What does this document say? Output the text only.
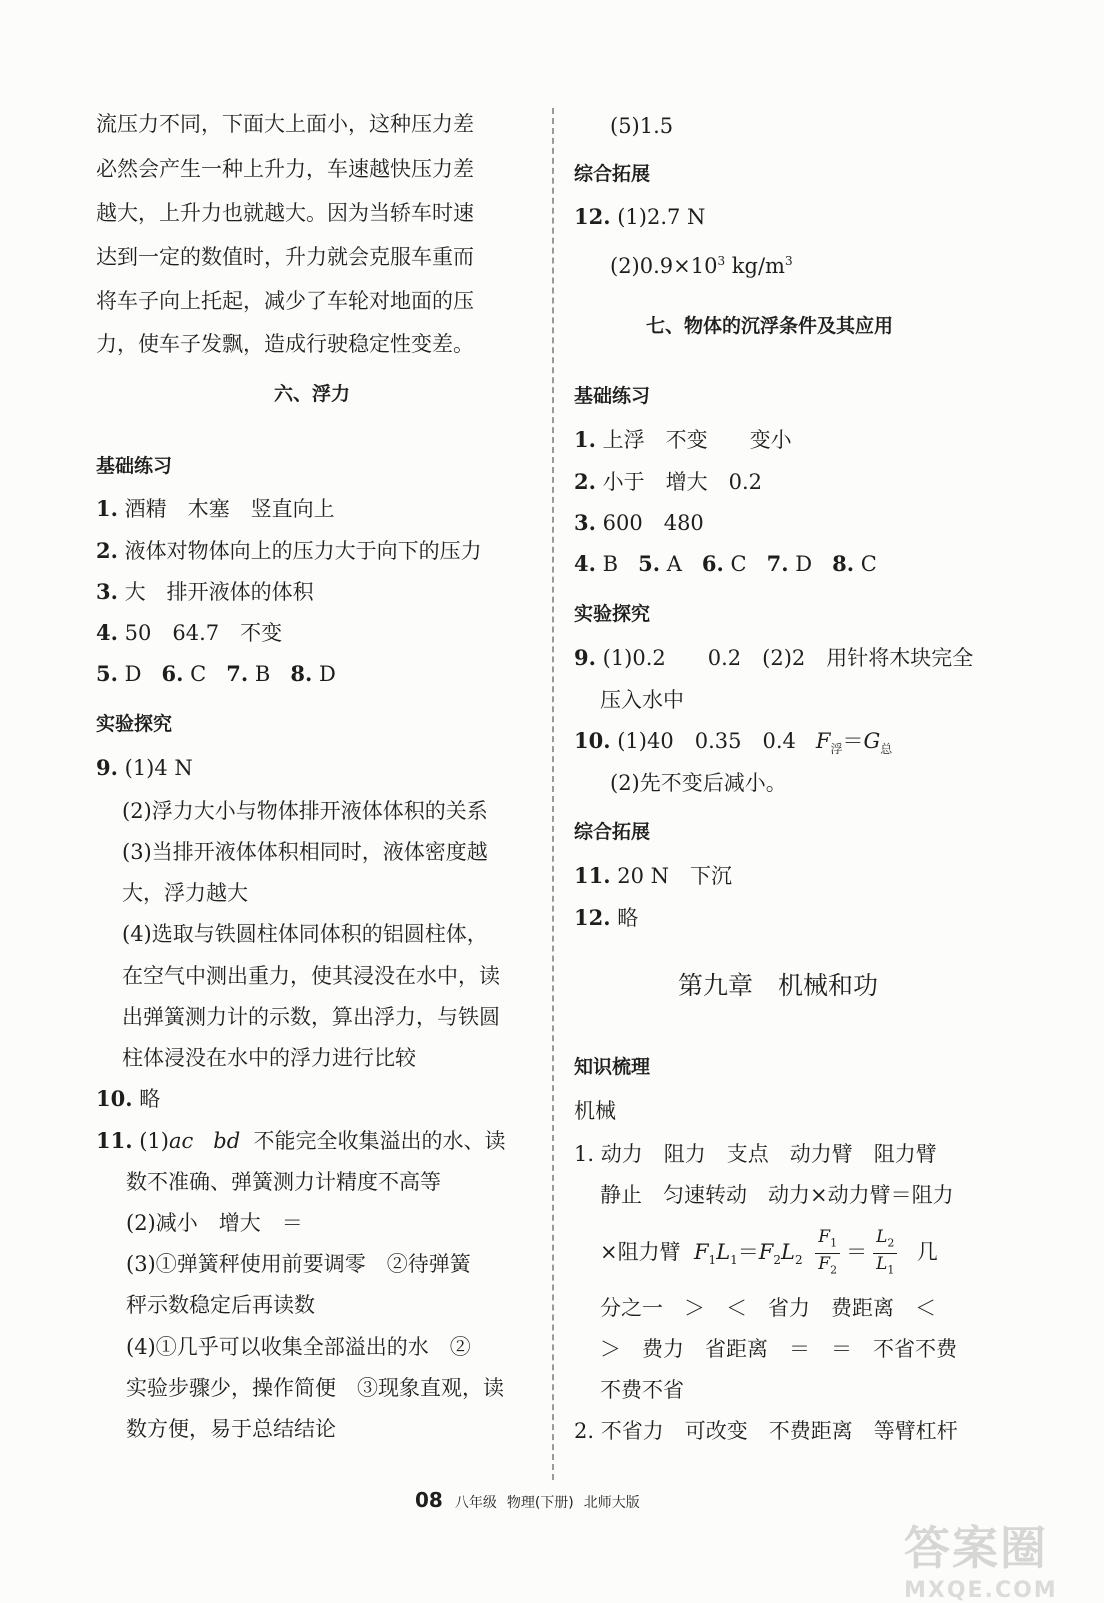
流压力不同，下面大上面小，这种压力差
必然会产生一种上升力，车速越快压力差
越大，上升力也就越大。因为当轿车时速
达到一定的数值时，升力就会克服车重而
将车子向上托起，减少了车轮对地面的压
力，使车子发飘，造成行驶稳定性变差。
六、浮力
基础练习
1. 酒精　木塞　竖直向上
2. 液体对物体向上的压力大于向下的压力
3. 大　排开液体的体积
4. 50　64.7　不变
5. D 6. C 7. B 8. D
实验探究
9. (1)4 N
(2)浮力大小与物体排开液体体积的关系
(3)当排开液体体积相同时，液体密度越
大，浮力越大
(4)选取与铁圆柱体同体积的铝圆柱体，
在空气中测出重力，使其浸没在水中，读
出弹簧测力计的示数，算出浮力，与铁圆
柱体浸没在水中的浮力进行比较
10. 略
11. (1)ac bd 不能完全收集溢出的水、读
数不准确、弹簧测力计精度不高等
(2)减小　增大　＝
(3)①弹簧秤使用前要调零　②待弹簧
秤示数稳定后再读数
(4)①几乎可以收集全部溢出的水　②
实验步骤少，操作简便　③现象直观，读
数方便，易于总结结论
(5)1.5
综合拓展
12. (1)2.7 N
$(2)0.9\times 10^3$ $kg/m^3$
七、物体的沉浮条件及其应用
基础练习
1. 上浮　不变　　变小
2. 小于　增大　0.2
3. 600　480
4. B 5. A 6. C 7. D 8. C
实验探究
9. (1)0.2　　0.2　(2)2　用针将木块完全
压入水中
10. (1)40　0.35　0.4 $F_浮=G_总$
(2)先不变后减小。
综合拓展
11. 20 N　下沉
12. 略
第九章　机械和功
知识梳理
机械
1. 动力　阻力　支点　动力臂　阻力臂
静止　匀速转动　动力×动力臂＝阻力
×阻力臂 $F_1L_1=F_2L_2 \frac{F_1}{F_2} = \frac{L_2}{L_1}$ 几
分之一　＞　＜　省力　费距离　＜
＞　费力　省距离　＝　＝　不省不费
不费不省
2. 不省力　可改变　不费距离　等臂杠杆
08 八年级 物理(下册) 北师大版
答案圈
MXQE.COM
